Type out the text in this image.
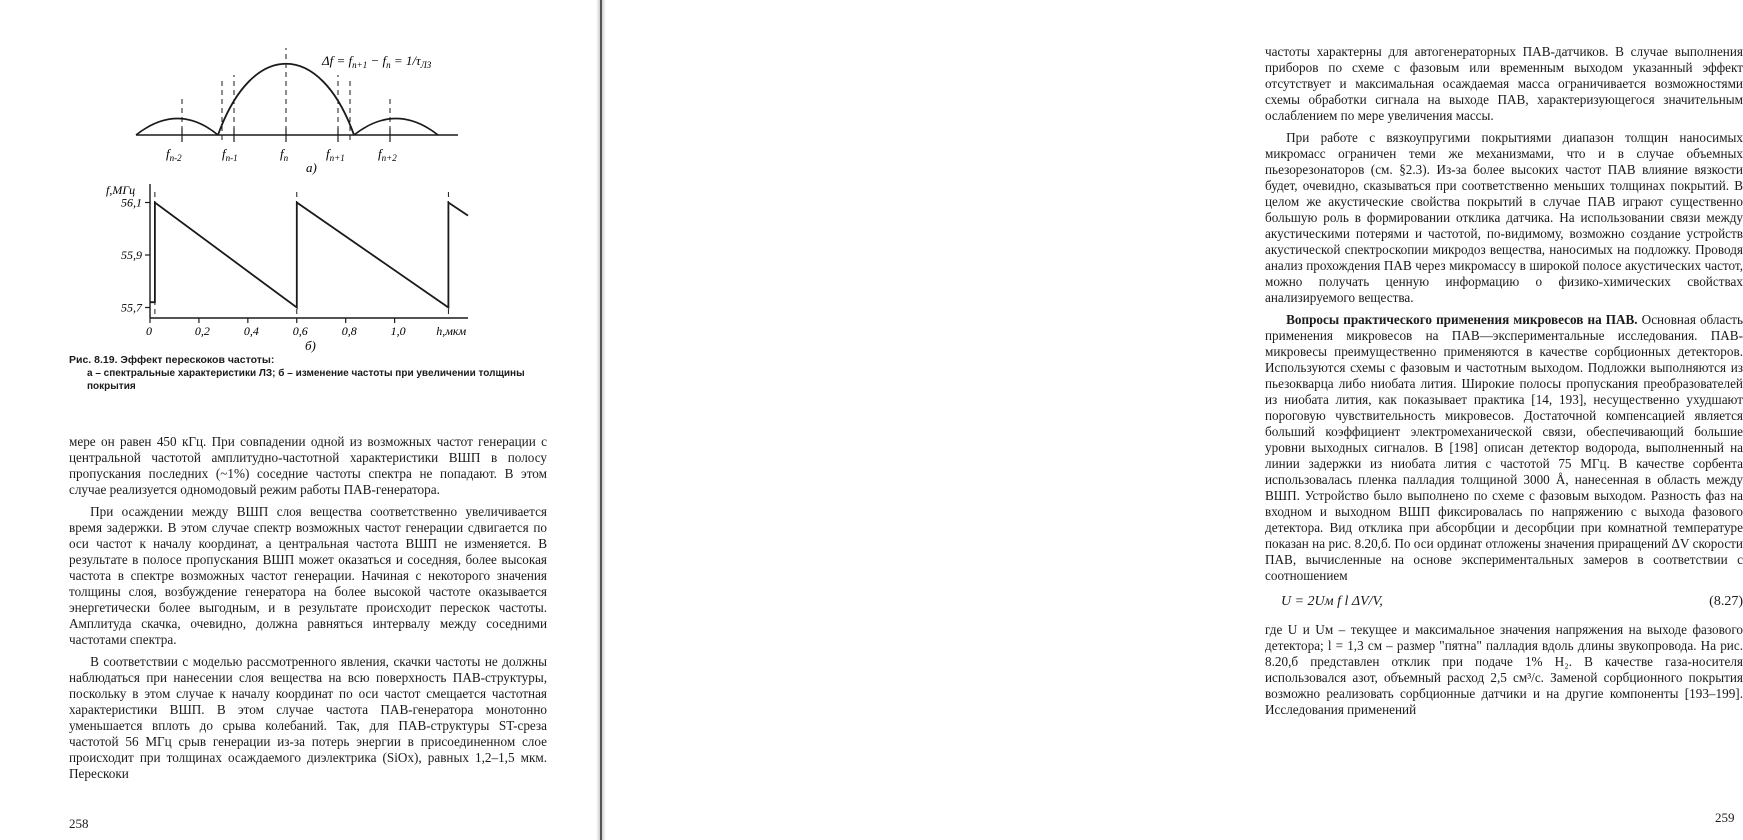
$\Delta f = f_{n+1} - f_n = 1/\tau_{ЛЗ}$
$f_{n-2}$	$f_{n-1}$	$f_n$	$f_{n+1}$	$f_{n+2}$
а)
56,1
55,9
55,7
0	0,2	0,4	0,6	0,8	1,0
f,МГц
h,мкм
б)
Рис. 8.19. Эффект перескоков частоты:
а – спектральные характеристики ЛЗ; б – изменение частоты при увеличении толщины покрытия

мере он равен 450 кГц. При совпадении одной из возможных частот генерации с центральной частотой амплитудно-частотной характеристики ВШП в полосу пропускания последних (~1%) соседние частоты спектра не попадают. В этом случае реализуется одномодовый режим работы ПАВ-генератора.

При осаждении между ВШП слоя вещества соответственно увеличивается время задержки. В этом случае спектр возможных частот генерации сдвигается по оси частот к началу координат, а центральная частота ВШП не изменяется. В результате в полосе пропускания ВШП может оказаться и соседняя, более высокая частота в спектре возможных частот генерации. Начиная с некоторого значения толщины слоя, возбуждение генератора на более высокой частоте оказывается энергетически более выгодным, и в результате происходит перескок частоты. Амплитуда скачка, очевидно, должна равняться интервалу между соседними частотами спектра.

В соответствии с моделью рассмотренного явления, скачки частоты не должны наблюдаться при нанесении слоя вещества на всю поверхность ПАВ-структуры, поскольку в этом случае к началу координат по оси частот смещается частотная характеристики ВШП. В этом случае частота ПАВ-генератора монотонно уменьшается вплоть до срыва колебаний. Так, для ПАВ-структуры ST-среза частотой 56 МГц срыв генерации из-за потерь энергии в присоединенном слое происходит при толщинах осаждаемого диэлектрика (SiOx), равных 1,2–1,5 мкм. Перескоки

258

частоты характерны для автогенераторных ПАВ-датчиков. В случае выполнения приборов по схеме с фазовым или временным выходом указанный эффект отсутствует и максимальная осаждаемая масса ограничивается возможностями схемы обработки сигнала на выходе ПАВ, характеризующегося значительным ослаблением по мере увеличения массы.

При работе с вязкоупругими покрытиями диапазон толщин наносимых микромасс ограничен теми же механизмами, что и в случае объемных пьезорезонаторов (см. §2.3). Из-за более высоких частот ПАВ влияние вязкости будет, очевидно, сказываться при соответственно меньших толщинах покрытий. В целом же акустические свойства покрытий в случае ПАВ играют существенно большую роль в формировании отклика датчика. На использовании связи между акустическими потерями и частотой, по-видимому, возможно создание устройств акустической спектроскопии микродоз вещества, наносимых на подложку. Проводя анализ прохождения ПАВ через микромассу в широкой полосе акустических частот, можно получать ценную информацию о физико-химических свойствах анализируемого вещества.

Вопросы практического применения микровесов на ПАВ. Основная область применения микровесов на ПАВ—экспериментальные исследования. ПАВ-микровесы преимущественно применяются в качестве сорбционных детекторов. Используются схемы с фазовым и частотным выходом. Подложки выполняются из пьезокварца либо ниобата лития. Широкие полосы пропускания преобразователей из ниобата лития, как показывает практика [14, 193], несущественно ухудшают пороговую чувствительность микровесов. Достаточной компенсацией является больший коэффициент электромеханической связи, обеспечивающий большие уровни выходных сигналов. В [198] описан детектор водорода, выполненный на линии задержки из ниобата лития с частотой 75 МГц. В качестве сорбента использовалась пленка палладия толщиной 3000 Å, нанесенная в область между ВШП. Устройство было выполнено по схеме с фазовым выходом. Разность фаз на входном и выходном ВШП фиксировалась по напряжению с выхода фазового детектора. Вид отклика при абсорбции и десорбции при комнатной температуре показан на рис. 8.20,б. По оси ординат отложены значения приращений ΔV скорости ПАВ, вычисленные на основе экспериментальных замеров в соответствии с соотношением

U = 2Uм f l ΔV/V,	(8.27)

где U и Uм – текущее и максимальное значения напряжения на выходе фазового детектора; l = 1,3 см – размер "пятна" палладия вдоль длины звукопровода. На рис. 8.20,б представлен отклик при подаче 1% H₂. В качестве газа-носителя использовался азот, объемный расход 2,5 см³/с. Заменой сорбционного покрытия возможно реализовать сорбционные датчики и на другие компоненты [193–199]. Исследования применений

259
